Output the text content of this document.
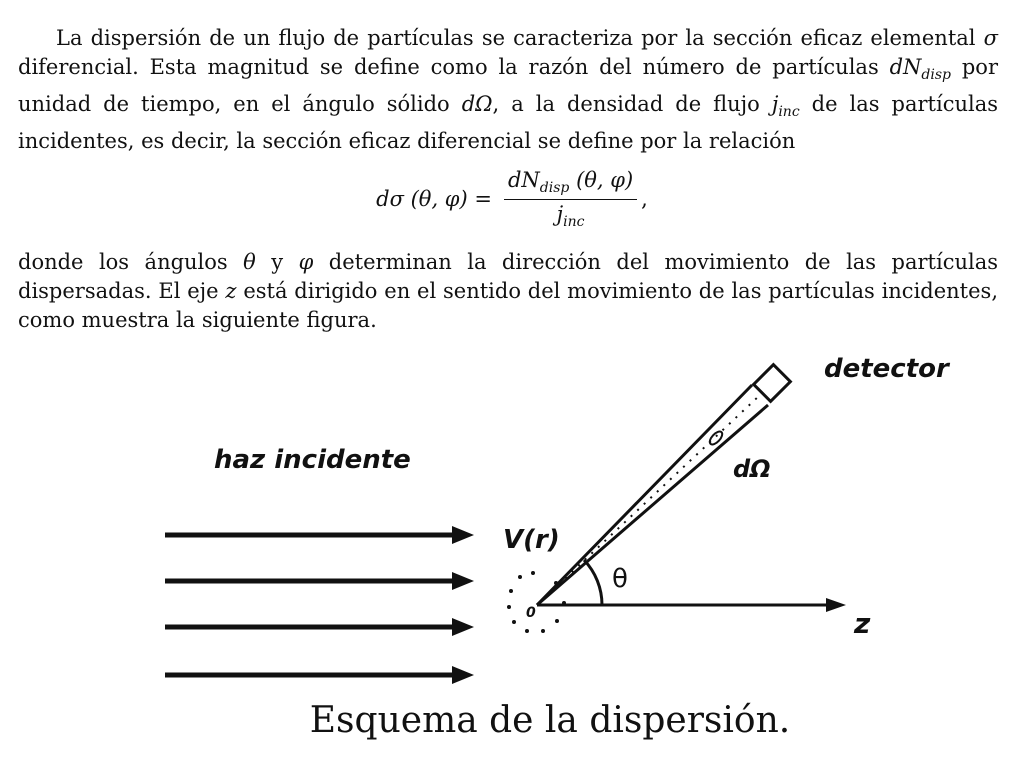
La dispersión de un flujo de partículas se caracteriza por la sección eficaz elemental σ diferencial. Esta magnitud se define como la razón del número de partículas $dN_{disp}$ por unidad de tiempo, en el ángulo sólido dΩ, a la densidad de flujo $j_{inc}$ de las partículas incidentes, es decir, la sección eficaz diferencial se define por la relación

dσ (θ, $\varphi) = \frac{dN_{disp} (\theta, \varphi)}{j_{inc}}$ ,

donde los ángulos θ y φ determinan la dirección del movimiento de las partículas dispersadas. El eje z está dirigido en el sentido del movimiento de las partículas incidentes, como muestra la siguiente figura.

haz incidente
detector
dΩ
V(r)
θ
0	z

Esquema de la dispersión.
